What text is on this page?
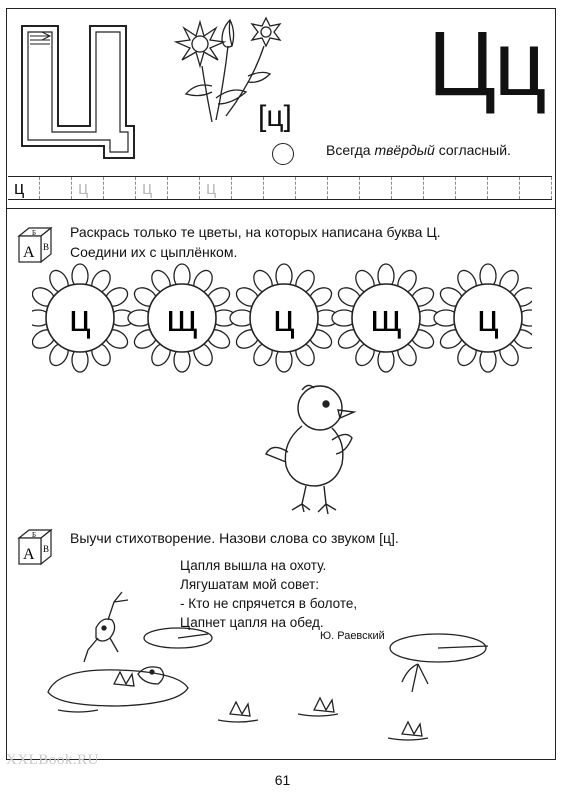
Цц
[ц]
Всегда твёрдый согласный.
ц	ц	ц	ц
Б
А В
Раскрась только те цветы, на которых написана буква Ц.
Соедини их с цыплёнком.
ц щ ц щ ц
Б
А В
Выучи стихотворение. Назови слова со звуком [ц].
Цапля вышла на охоту.
Лягушатам мой совет:
- Кто не спрячется в болоте,
Цапнет цапля на обед.
Ю. Раевский
XXLBook.RU
61
